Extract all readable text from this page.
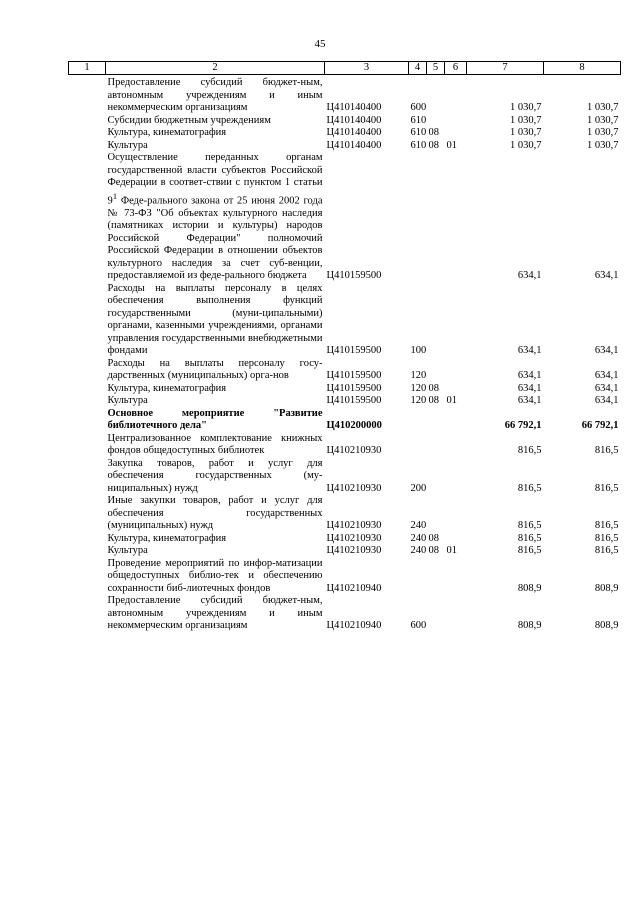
45
1	2	3	4	5	6	7	8
	Предоставление субсидий бюджет-ным, автономным учреждениям и иным некоммерческим организациям	Ц410140400	600			1 030,7	1 030,7
	Субсидии бюджетным учреждениям	Ц410140400	610			1 030,7	1 030,7
	Культура, кинематография	Ц410140400	610	08		1 030,7	1 030,7
	Культура	Ц410140400	610	08	01	1 030,7	1 030,7
	Осуществление переданных органам государственной власти субъектов Российской Федерации в соответ-ствии с пунктом 1 статьи $9^1$ Феде-рального закона от 25 июня 2002 года № 73-ФЗ "Об объектах культурного наследия (памятниках истории и культуры) народов Российской Федерации" полномочий Российской Федерации в отношении объектов культурного наследия за счет суб-венции, предоставляемой из феде-рального бюджета	Ц410159500				634,1	634,1
	Расходы на выплаты персоналу в целях обеспечения выполнения функций государственными (муни-ципальными) органами, казенными учреждениями, органами управления государственными внебюджетными фондами	Ц410159500	100			634,1	634,1
	Расходы на выплаты персоналу госу-дарственных (муниципальных) орга-нов	Ц410159500	120			634,1	634,1
	Культура, кинематография	Ц410159500	120	08		634,1	634,1
	Культура	Ц410159500	120	08	01	634,1	634,1
	Основное мероприятие "Развитие библиотечного дела"	Ц410200000				66 792,1	66 792,1
	Централизованное комплектование книжных фондов общедоступных библиотек	Ц410210930				816,5	816,5
	Закупка товаров, работ и услуг для обеспечения государственных (му-ниципальных) нужд	Ц410210930	200			816,5	816,5
	Иные закупки товаров, работ и услуг для обеспечения государственных (муниципальных) нужд	Ц410210930	240			816,5	816,5
	Культура, кинематография	Ц410210930	240	08		816,5	816,5
	Культура	Ц410210930	240	08	01	816,5	816,5
	Проведение мероприятий по инфор-матизации общедоступных библио-тек и обеспечению сохранности биб-лиотечных фондов	Ц410210940				808,9	808,9
	Предоставление субсидий бюджет-ным, автономным учреждениям и иным некоммерческим организациям	Ц410210940	600			808,9	808,9
